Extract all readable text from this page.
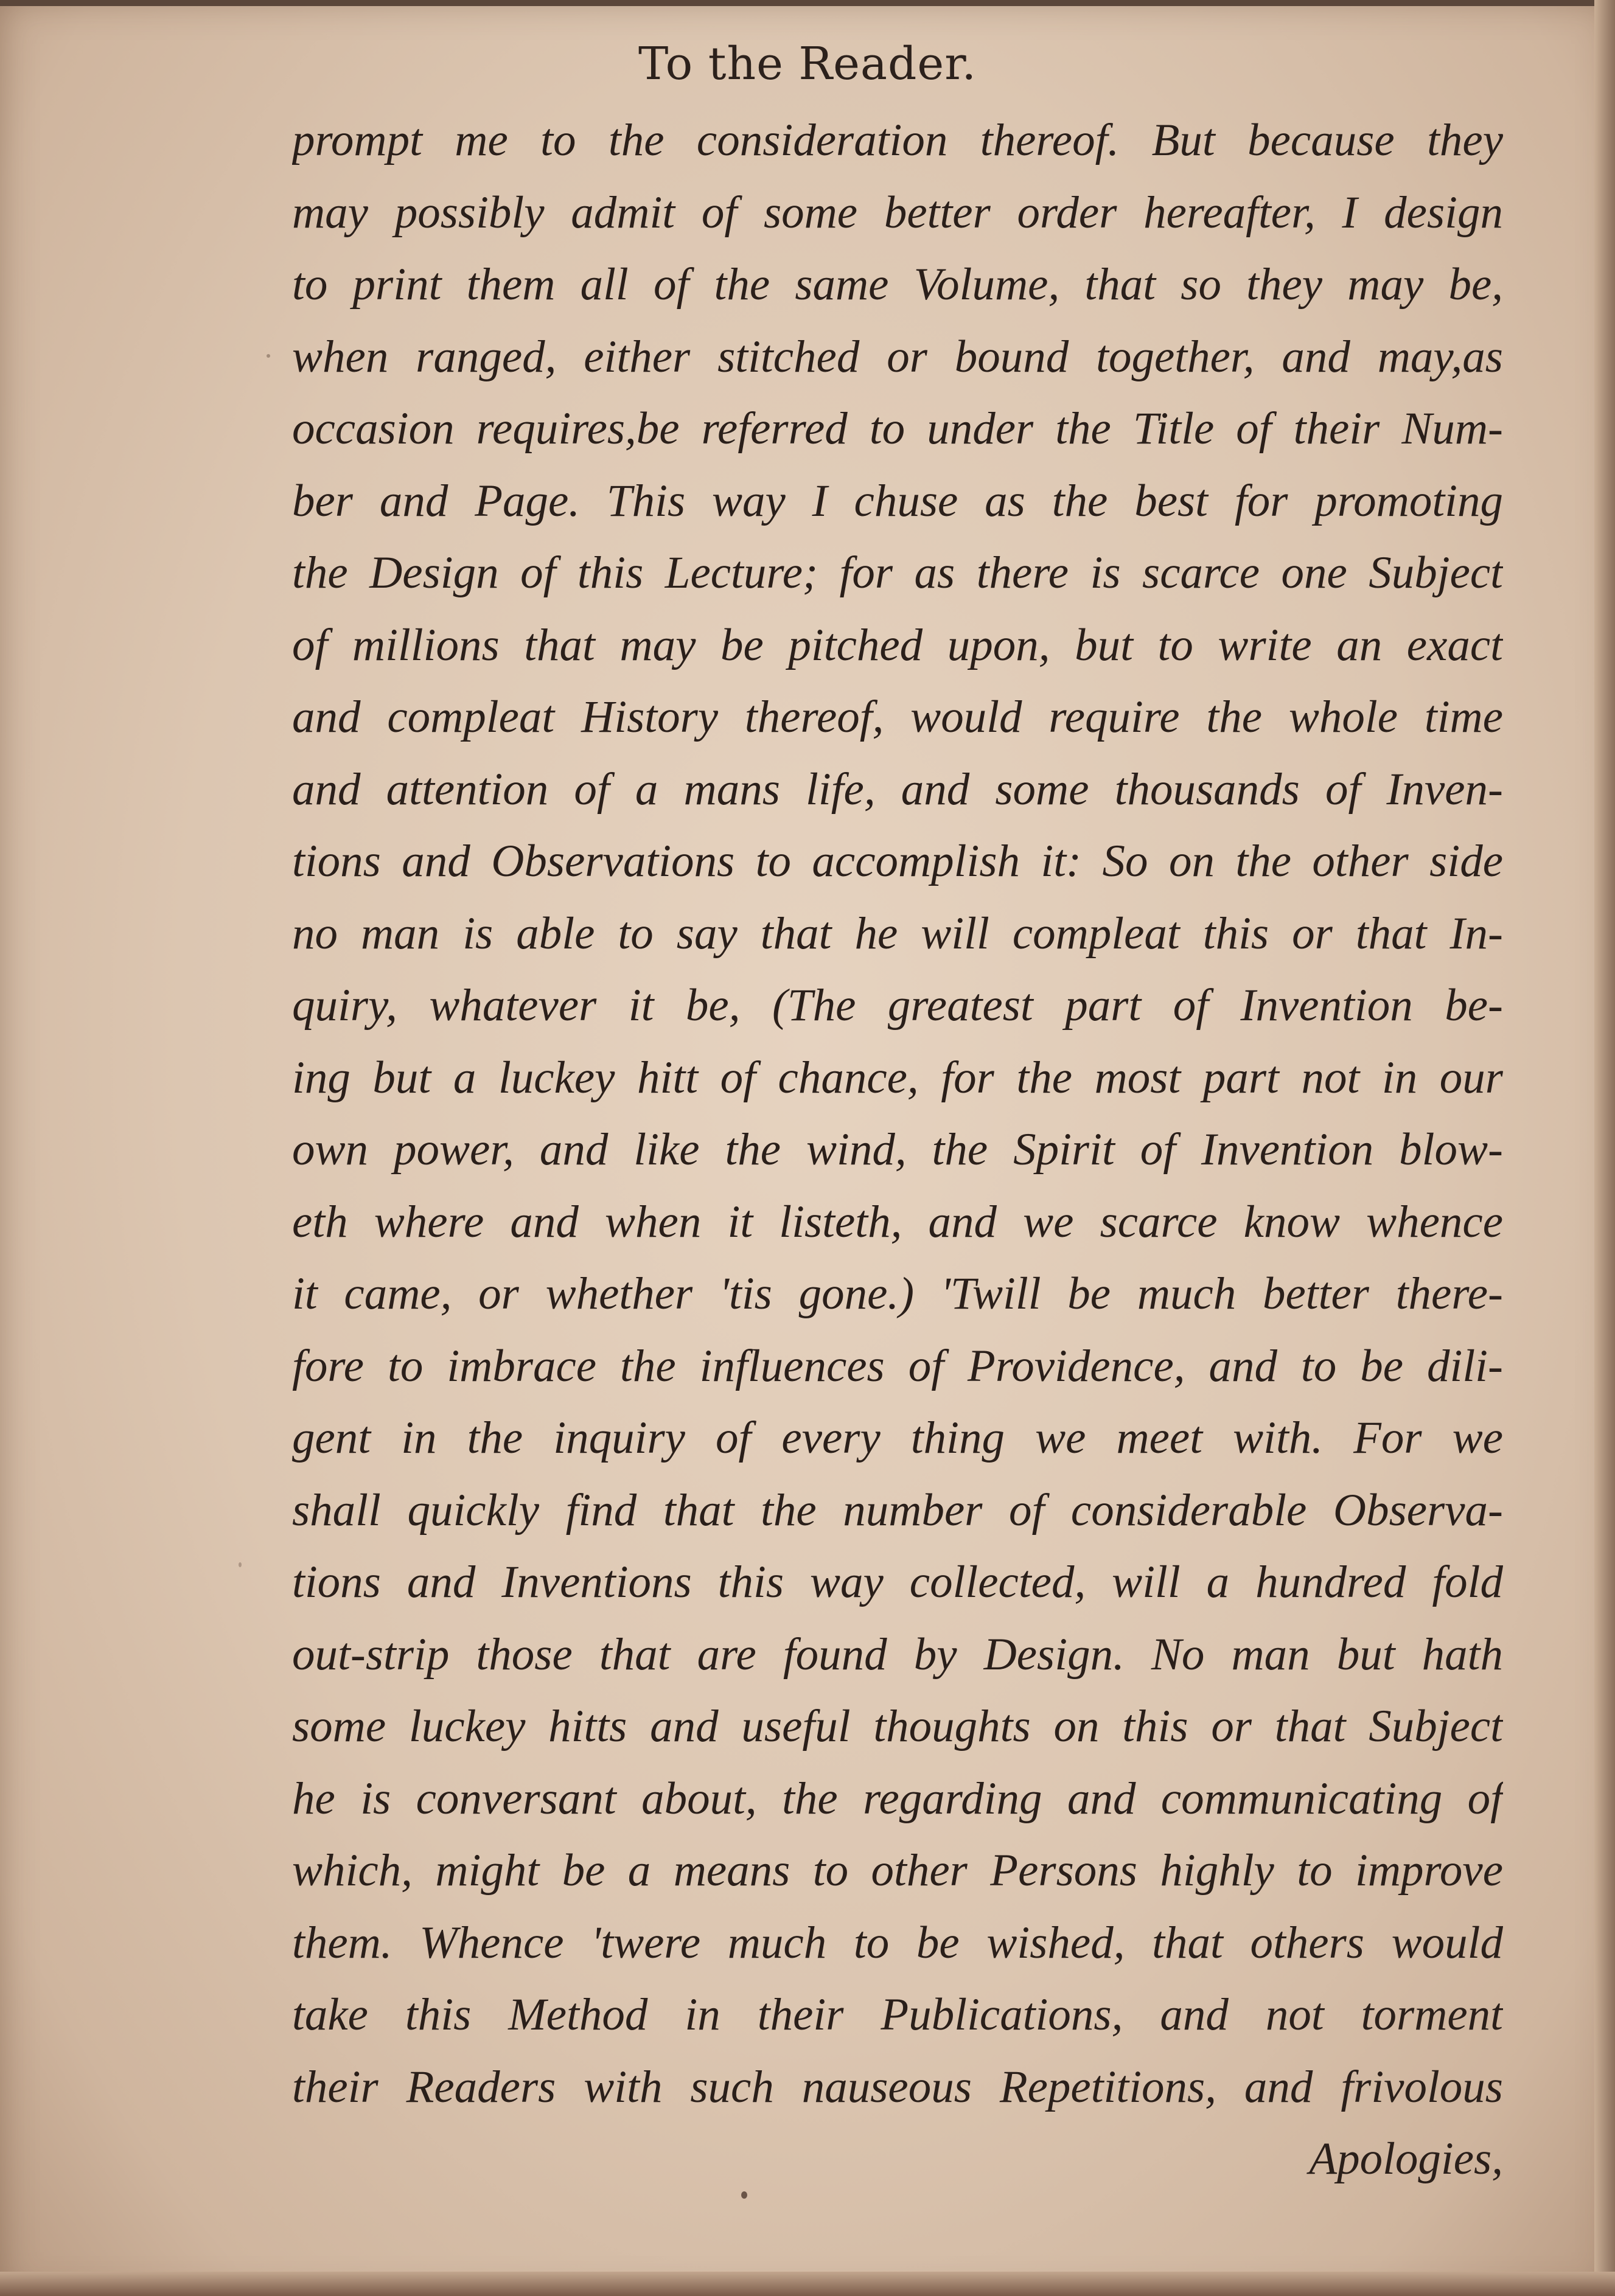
To the Reader.
prompt me to the consideration thereof. But because they
may possibly admit of some better order hereafter, I design
to print them all of the same Volume, that so they may be,
when ranged, either stitched or bound together, and may,as
occasion requires,be referred to under the Title of their Num-
ber and Page. This way I chuse as the best for promoting
the Design of this Lecture; for as there is scarce one Subject
of millions that may be pitched upon, but to write an exact
and compleat History thereof, would require the whole time
and attention of a mans life, and some thousands of Inven-
tions and Observations to accomplish it: So on the other side
no man is able to say that he will compleat this or that In-
quiry, whatever it be, (The greatest part of Invention be-
ing but a luckey hitt of chance, for the most part not in our
own power, and like the wind, the Spirit of Invention blow-
eth where and when it listeth, and we scarce know whence
it came, or whether 'tis gone.) 'Twill be much better there-
fore to imbrace the influences of Providence, and to be dili-
gent in the inquiry of every thing we meet with. For we
shall quickly find that the number of considerable Observa-
tions and Inventions this way collected, will a hundred fold
out-strip those that are found by Design. No man but hath
some luckey hitts and useful thoughts on this or that Subject
he is conversant about, the regarding and communicating of
which, might be a means to other Persons highly to improve
them. Whence 'twere much to be wished, that others would
take this Method in their Publications, and not torment
their Readers with such nauseous Repetitions, and frivolous
Apologies,
